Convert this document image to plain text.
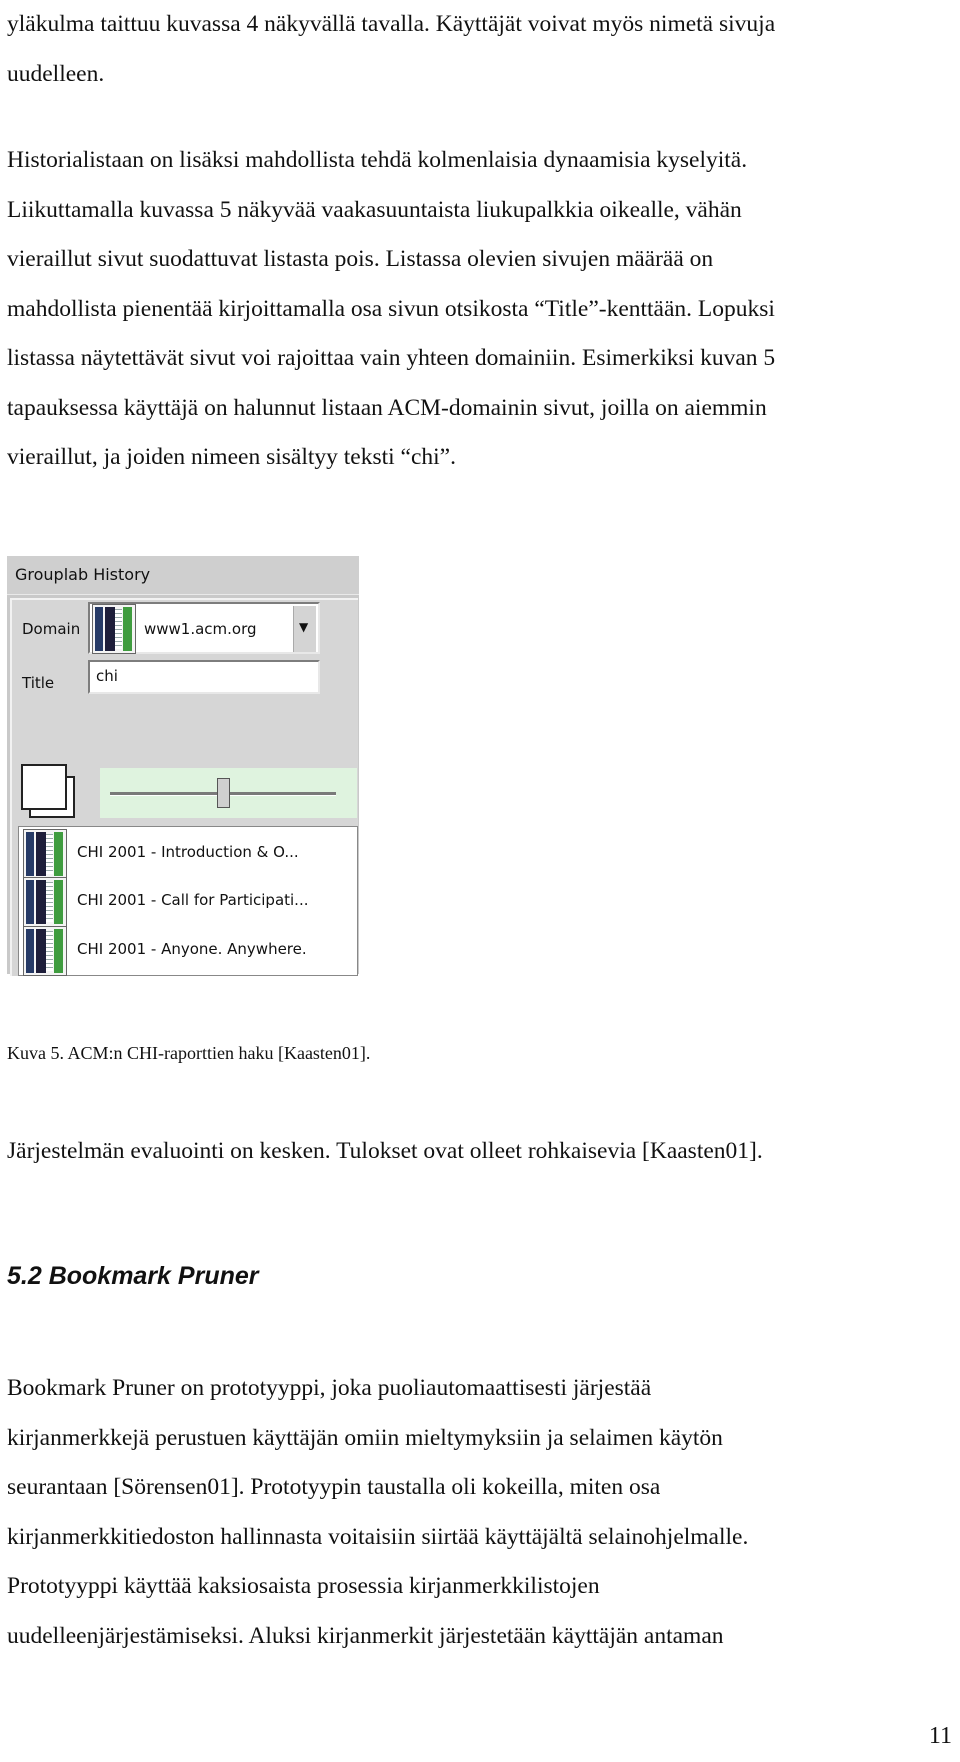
yläkulma taittuu kuvassa 4 näkyvällä tavalla. Käyttäjät voivat myös nimetä sivuja
uudelleen.
Historialistaan on lisäksi mahdollista tehdä kolmenlaisia dynaamisia kyselyitä.
Liikuttamalla kuvassa 5 näkyvää vaakasuuntaista liukupalkkia oikealle, vähän
vieraillut sivut suodattuvat listasta pois. Listassa olevien sivujen määrää on
mahdollista pienentää kirjoittamalla osa sivun otsikosta “Title”-kenttään. Lopuksi
listassa näytettävät sivut voi rajoittaa vain yhteen domainiin. Esimerkiksi kuvan 5
tapauksessa käyttäjä on halunnut listaan ACM-domainin sivut, joilla on aiemmin
vieraillut, ja joiden nimeen sisältyy teksti “chi”.
Grouplab History
Domain	www1.acm.org	▼
Title	chi
CHI 2001 - Introduction & O...
CHI 2001 - Call for Participati...
CHI 2001 - Anyone. Anywhere.

Kuva 5. ACM:n CHI-raporttien haku [Kaasten01].

Järjestelmän evaluointi on kesken. Tulokset ovat olleet rohkaisevia [Kaasten01].
5.2 Bookmark Pruner
Bookmark Pruner on prototyyppi, joka puoliautomaattisesti järjestää
kirjanmerkkejä perustuen käyttäjän omiin mieltymyksiin ja selaimen käytön
seurantaan [Sörensen01]. Prototyypin taustalla oli kokeilla, miten osa
kirjanmerkkitiedoston hallinnasta voitaisiin siirtää käyttäjältä selainohjelmalle.
Prototyyppi käyttää kaksiosaista prosessia kirjanmerkkilistojen
uudelleenjärjestämiseksi. Aluksi kirjanmerkit järjestetään käyttäjän antaman

11
